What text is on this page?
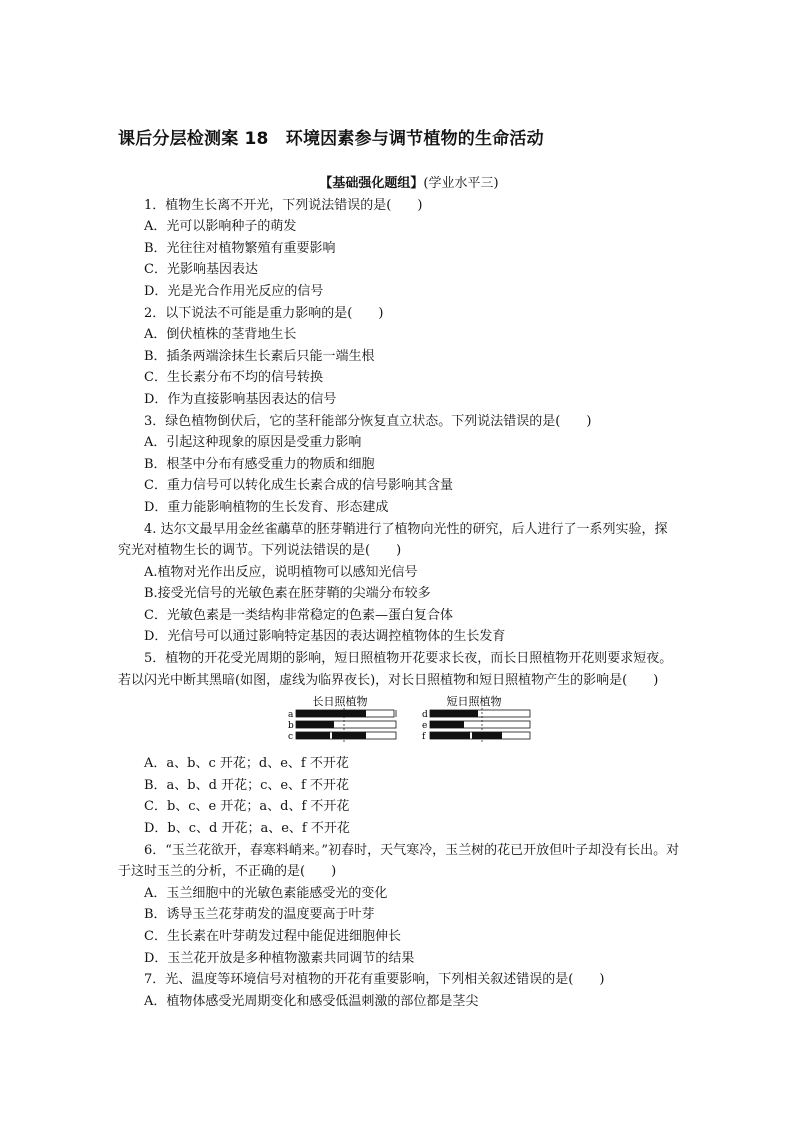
课后分层检测案 18　环境因素参与调节植物的生命活动
【基础强化题组】(学业水平三)
1．植物生长离不开光，下列说法错误的是(　　)
A．光可以影响种子的萌发
B．光往往对植物繁殖有重要影响
C．光影响基因表达
D．光是光合作用光反应的信号
2．以下说法不可能是重力影响的是(　　)
A．倒伏植株的茎背地生长
B．插条两端涂抹生长素后只能一端生根
C．生长素分布不均的信号转换
D．作为直接影响基因表达的信号
3．绿色植物倒伏后，它的茎秆能部分恢复直立状态。下列说法错误的是(　　)
A．引起这种现象的原因是受重力影响
B．根茎中分布有感受重力的物质和细胞
C．重力信号可以转化成生长素合成的信号影响其含量
D．重力能影响植物的生长发育、形态建成
4. 达尔文最早用金丝雀虉草的胚芽鞘进行了植物向光性的研究，后人进行了一系列实验，探究光对植物生长的调节。下列说法错误的是(　　)
A.植物对光作出反应，说明植物可以感知光信号
B.接受光信号的光敏色素在胚芽鞘的尖端分布较多
C．光敏色素是一类结构非常稳定的色素—蛋白复合体
D．光信号可以通过影响特定基因的表达调控植物体的生长发育
5．植物的开花受光周期的影响，短日照植物开花要求长夜，而长日照植物开花则要求短夜。若以闪光中断其黑暗(如图，虚线为临界夜长)，对长日照植物和短日照植物产生的影响是(　　)
长日照植物	短日照植物
a
b
c
d
e
f
A．a、b、c 开花；d、e、f 不开花
B．a、b、d 开花；c、e、f 不开花
C．b、c、e 开花；a、d、f 不开花
D．b、c、d 开花；a、e、f 不开花
6．“玉兰花欲开，春寒料峭来。”初春时，天气寒冷，玉兰树的花已开放但叶子却没有长出。对于这时玉兰的分析，不正确的是(　　)
A．玉兰细胞中的光敏色素能感受光的变化
B．诱导玉兰花芽萌发的温度要高于叶芽
C．生长素在叶芽萌发过程中能促进细胞伸长
D．玉兰花开放是多种植物激素共同调节的结果
7．光、温度等环境信号对植物的开花有重要影响，下列相关叙述错误的是(　　)
A．植物体感受光周期变化和感受低温刺激的部位都是茎尖
